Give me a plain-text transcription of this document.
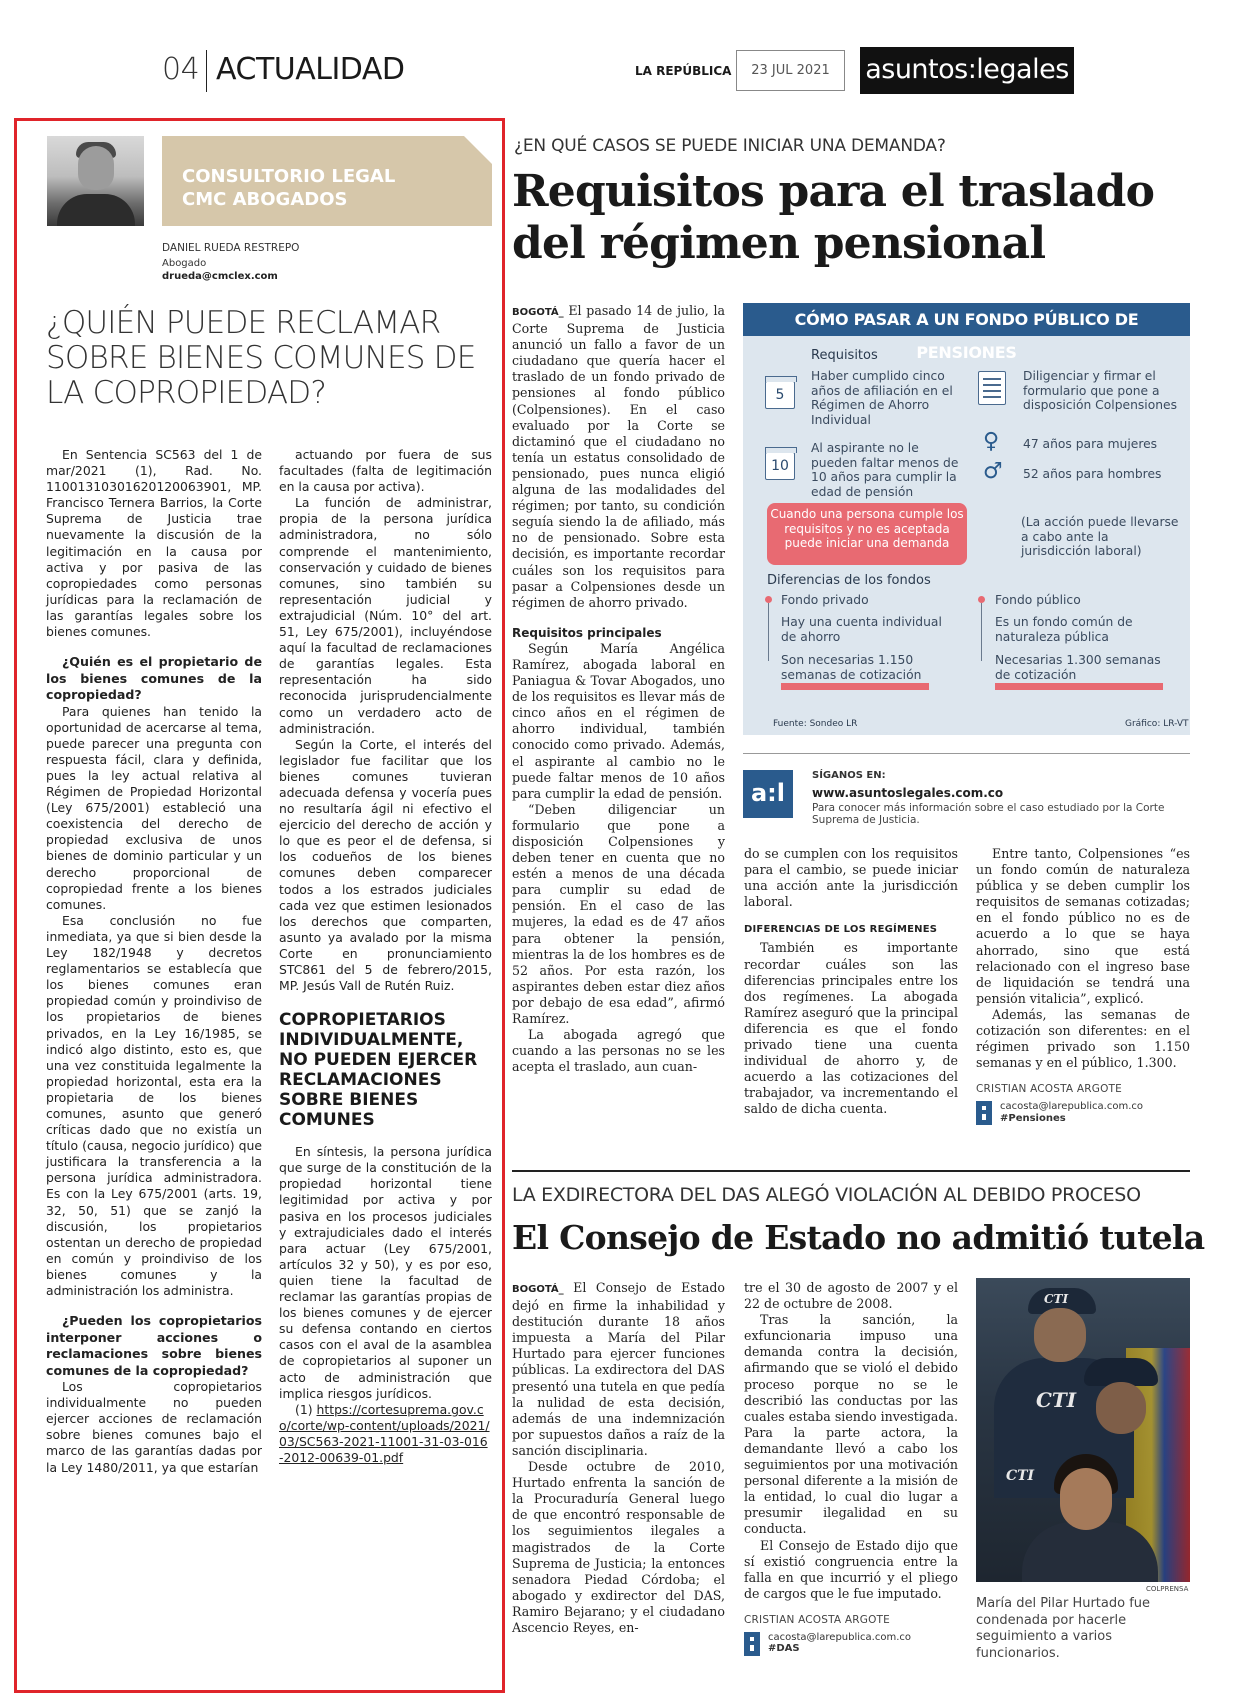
04 ACTUALIDAD	LA REPÚBLICA	23 JUL 2021	asuntos:legales
CONSULTORIO LEGAL
CMC ABOGADOS
DANIEL RUEDA RESTREPO
Abogado
drueda@cmclex.com
¿QUIÉN PUEDE RECLAMAR SOBRE BIENES COMUNES DE LA COPROPIEDAD?

En Sentencia SC563 del 1 de mar/2021 (1), Rad. No. 11001310301620120063901, MP. Francisco Ternera Barrios, la Corte Suprema de Justicia trae nuevamente la discusión de la legitimación en la causa por activa y por pasiva de las copropiedades como personas jurídicas para la reclamación de las garantías legales sobre los bienes comunes.

¿Quién es el propietario de los bienes comunes de la copropiedad?

Para quienes han tenido la oportunidad de acercarse al tema, puede parecer una pregunta con respuesta fácil, clara y definida, pues la ley actual relativa al Régimen de Propiedad Horizontal (Ley 675/2001) estableció una coexistencia del derecho de propiedad exclusiva de unos bienes de dominio particular y un derecho proporcional de copropiedad frente a los bienes comunes.

Esa conclusión no fue inmediata, ya que si bien desde la Ley 182/1948 y decretos reglamentarios se establecía que los bienes comunes eran propiedad común y proindiviso de los propietarios de bienes privados, en la Ley 16/1985, se indicó algo distinto, esto es, que una vez constituida legalmente la propiedad horizontal, esta era la propietaria de los bienes comunes, asunto que generó críticas dado que no existía un título (causa, negocio jurídico) que justificara la transferencia a la persona jurídica administradora. Es con la Ley 675/2001 (arts. 19, 32, 50, 51) que se zanjó la discusión, los propietarios ostentan un derecho de propiedad en común y proindiviso de los bienes comunes y la administración los administra.

¿Pueden los copropietarios interponer acciones o reclamaciones sobre bienes comunes de la copropiedad?

Los copropietarios individualmente no pueden ejercer acciones de reclamación sobre bienes comunes bajo el marco de las garantías dadas por la Ley 1480/2011, ya que estarían

actuando por fuera de sus facultades (falta de legitimación en la causa por activa).

La función de administrar, propia de la persona jurídica administradora, no sólo comprende el mantenimiento, conservación y cuidado de bienes comunes, sino también su representación judicial y extrajudicial (Núm. 10° del art. 51, Ley 675/2001), incluyéndose aquí la facultad de reclamaciones de garantías legales. Esta representación ha sido reconocida jurisprudencialmente como un verdadero acto de administración.

Según la Corte, el interés del legislador fue facilitar que los bienes comunes tuvieran adecuada defensa y vocería pues no resultaría ágil ni efectivo el ejercicio del derecho de acción y lo que es peor el de defensa, si los codueños de los bienes comunes deben comparecer todos a los estrados judiciales cada vez que estimen lesionados los derechos que comparten, asunto ya avalado por la misma Corte en pronunciamiento STC861 del 5 de febrero/2015, MP. Jesús Vall de Rutén Ruiz.

COPROPIETARIOS INDIVIDUALMENTE, NO PUEDEN EJERCER RECLAMACIONES SOBRE BIENES COMUNES

En síntesis, la persona jurídica que surge de la constitución de la propiedad horizontal tiene legitimidad por activa y por pasiva en los procesos judiciales y extrajudiciales dado el interés para actuar (Ley 675/2001, artículos 32 y 50), y es por eso, quien tiene la facultad de reclamar las garantías propias de los bienes comunes y de ejercer su defensa contando en ciertos casos con el aval de la asamblea de copropietarios al suponer un acto de administración que implica riesgos jurídicos.

(1) https://cortesuprema.gov.co/corte/wp-content/uploads/2021/03/SC563-2021-11001-31-03-016-2012-00639-01.pdf

¿EN QUÉ CASOS SE PUEDE INICIAR UNA DEMANDA?
Requisitos para el traslado del régimen pensional

BOGOTÁ_ El pasado 14 de julio, la Corte Suprema de Justicia anunció un fallo a favor de un ciudadano que quería hacer el traslado de un fondo privado de pensiones al fondo público (Colpensiones). En el caso evaluado por la Corte se dictaminó que el ciudadano no tenía un estatus consolidado de pensionado, pues nunca eligió alguna de las modalidades del régimen; por tanto, su condición seguía siendo la de afiliado, más no de pensionado. Sobre esta decisión, es importante recordar cuáles son los requisitos para pasar a Colpensiones desde un régimen de ahorro privado.

Requisitos principales

Según María Angélica Ramírez, abogada laboral en Paniagua & Tovar Abogados, uno de los requisitos es llevar más de cinco años en el régimen de ahorro individual, también conocido como privado. Además, el aspirante al cambio no le puede faltar menos de 10 años para cumplir la edad de pensión.

“Deben diligenciar un formulario que pone a disposición Colpensiones y deben tener en cuenta que no estén a menos de una década para cumplir su edad de pensión. En el caso de las mujeres, la edad es de 47 años para obtener la pensión, mientras la de los hombres es de 52 años. Por esta razón, los aspirantes deben estar diez años por debajo de esa edad”, afirmó Ramírez.

La abogada agregó que cuando a las personas no se les acepta el traslado, aun cuan-

CÓMO PASAR A UN FONDO PÚBLICO DE PENSIONES
Requisitos
5
Haber cumplido cinco años de afiliación en el Régimen de Ahorro Individual
10
Al aspirante no le pueden faltar menos de 10 años para cumplir la edad de pensión
Diligenciar y firmar el formulario que pone a disposición Colpensiones
♀ 47 años para mujeres
♂ 52 años para hombres
Cuando una persona cumple los requisitos y no es aceptada puede iniciar una demanda
(La acción puede llevarse a cabo ante la jurisdicción laboral)
Diferencias de los fondos
Fondo privado
Hay una cuenta individual de ahorro
Son necesarias 1.150 semanas de cotización
Fondo público
Es un fondo común de naturaleza pública
Necesarias 1.300 semanas de cotización
Fuente: Sondeo LR	Gráfico: LR-VT
a:l
SÍGANOS EN:
www.asuntoslegales.com.co
Para conocer más información sobre el caso estudiado por la Corte Suprema de Justicia.

do se cumplen con los requisitos para el cambio, se puede iniciar una acción ante la jurisdicción laboral.

DIFERENCIAS DE LOS REGÍMENES

También es importante recordar cuáles son las diferencias principales entre los dos regímenes. La abogada Ramírez aseguró que la principal diferencia es que el fondo privado tiene una cuenta individual de ahorro y, de acuerdo a las cotizaciones del trabajador, va incrementando el saldo de dicha cuenta.

Entre tanto, Colpensiones “es un fondo común de naturaleza pública y se deben cumplir los requisitos de semanas cotizadas; en el fondo público no es de acuerdo a lo que se haya ahorrado, sino que está relacionado con el ingreso base de liquidación se tendrá una pensión vitalicia”, explicó.

Además, las semanas de cotización son diferentes: en el régimen privado son 1.150 semanas y en el público, 1.300.

CRISTIAN ACOSTA ARGOTE
cacosta@larepublica.com.co
#Pensiones
LA EXDIRECTORA DEL DAS ALEGÓ VIOLACIÓN AL DEBIDO PROCESO
El Consejo de Estado no admitió tutela

BOGOTÁ_ El Consejo de Estado dejó en firme la inhabilidad y destitución durante 18 años impuesta a María del Pilar Hurtado para ejercer funciones públicas. La exdirectora del DAS presentó una tutela en que pedía la nulidad de esta decisión, además de una indemnización por supuestos daños a raíz de la sanción disciplinaria.

Desde octubre de 2010, Hurtado enfrenta la sanción de la Procuraduría General luego de que encontró responsable de los seguimientos ilegales a magistrados de la Corte Suprema de Justicia; la entonces senadora Piedad Córdoba; el abogado y exdirector del DAS, Ramiro Bejarano; y el ciudadano Ascencio Reyes, en-

tre el 30 de agosto de 2007 y el 22 de octubre de 2008.

Tras la sanción, la exfuncionaria impuso una demanda contra la decisión, afirmando que se violó el debido proceso porque no se le describió las conductas por las cuales estaba siendo investigada. Para la parte actora, la demandante llevó a cabo los seguimientos por una motivación personal diferente a la misión de la entidad, lo cual dio lugar a presumir ilegalidad en su conducta.

El Consejo de Estado dijo que sí existió congruencia entre la falla en que incurrió y el pliego de cargos que le fue imputado.

CRISTIAN ACOSTA ARGOTE
cacosta@larepublica.com.co
#DAS
CTI
CTI
CTI
COLPRENSA
María del Pilar Hurtado fue condenada por hacerle seguimiento a varios funcionarios.
